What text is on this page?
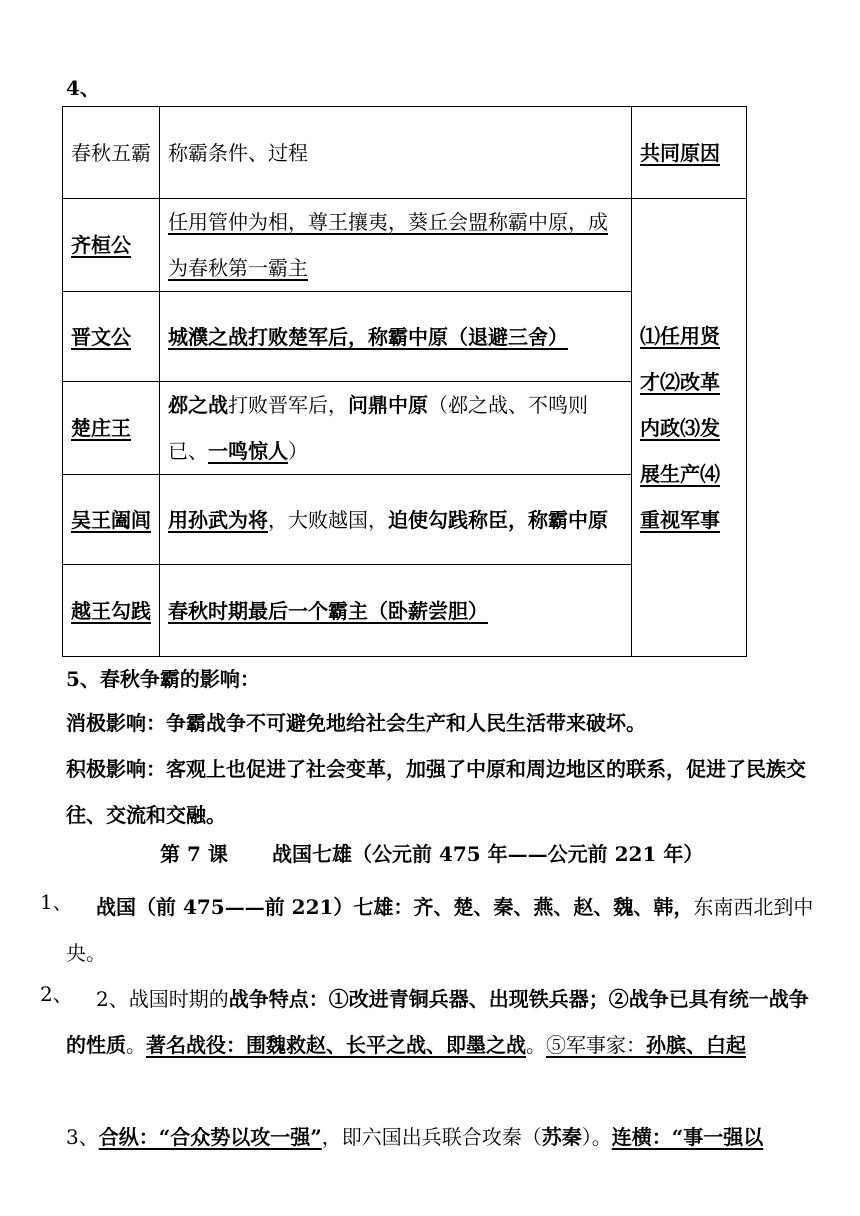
4、
春秋五霸	称霸条件、过程	共同原因
齐桓公	任用管仲为相，尊王攘夷，葵丘会盟称霸中原，成为春秋第一霸主	⑴任用贤才⑵改革内政⑶发展生产⑷重视军事
晋文公	城濮之战打败楚军后，称霸中原（退避三舍）	
楚庄王	邲之战打败晋军后，问鼎中原（邲之战、不鸣则已、一鸣惊人）	
吴王阖闾	用孙武为将，大败越国，迫使勾践称臣，称霸中原	
越王勾践	春秋时期最后一个霸主（卧薪尝胆）	
5、春秋争霸的影响：
消极影响：争霸战争不可避免地给社会生产和人民生活带来破坏。
积极影响：客观上也促进了社会变革，加强了中原和周边地区的联系，促进了民族交往、交流和交融。
第 7 课 战国七雄（公元前 475 年——公元前 221 年）
1、	战国（前 475——前 221）七雄：齐、楚、秦、燕、赵、魏、韩，东南西北到中央。
2、	2、战国时期的战争特点：①改进青铜兵器、出现铁兵器；②战争已具有统一战争的性质。著名战役：围魏救赵、长平之战、即墨之战。⑤军事家：孙膑、白起
3、合纵：“合众势以攻一强”，即六国出兵联合攻秦（苏秦）。连横：“事一强以
